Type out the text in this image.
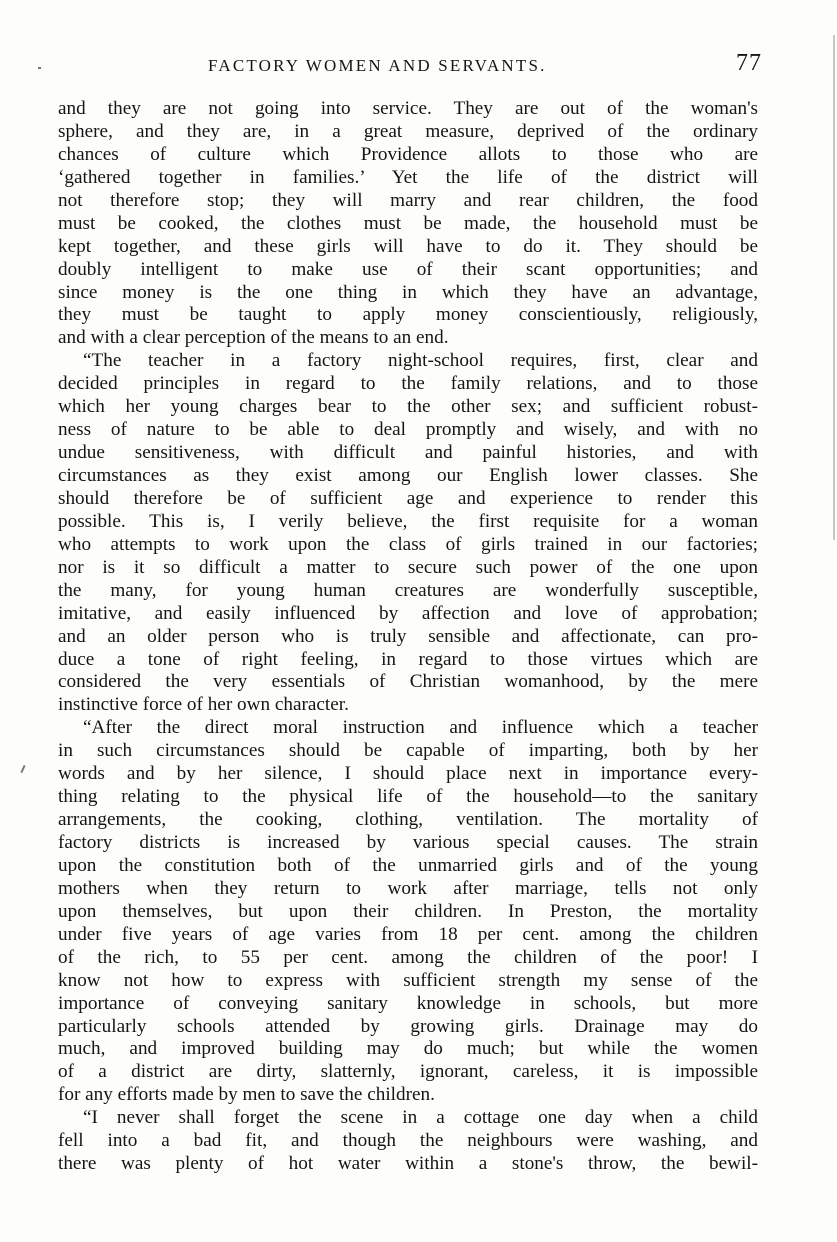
FACTORY WOMEN AND SERVANTS.	77
and they are not going into service. They are out of the woman's
sphere, and they are, in a great measure, deprived of the ordinary
chances of culture which Providence allots to those who are
‘gathered together in families.’ Yet the life of the district will
not therefore stop; they will marry and rear children, the food
must be cooked, the clothes must be made, the household must be
kept together, and these girls will have to do it. They should be
doubly intelligent to make use of their scant opportunities; and
since money is the one thing in which they have an advantage,
they must be taught to apply money conscientiously, religiously,
and with a clear perception of the means to an end.
“The teacher in a factory night-school requires, first, clear and
decided principles in regard to the family relations, and to those
which her young charges bear to the other sex; and sufficient robust-
ness of nature to be able to deal promptly and wisely, and with no
undue sensitiveness, with difficult and painful histories, and with
circumstances as they exist among our English lower classes. She
should therefore be of sufficient age and experience to render this
possible. This is, I verily believe, the first requisite for a woman
who attempts to work upon the class of girls trained in our factories;
nor is it so difficult a matter to secure such power of the one upon
the many, for young human creatures are wonderfully susceptible,
imitative, and easily influenced by affection and love of approbation;
and an older person who is truly sensible and affectionate, can pro-
duce a tone of right feeling, in regard to those virtues which are
considered the very essentials of Christian womanhood, by the mere
instinctive force of her own character.
“After the direct moral instruction and influence which a teacher
in such circumstances should be capable of imparting, both by her
words and by her silence, I should place next in importance every-
thing relating to the physical life of the household—to the sanitary
arrangements, the cooking, clothing, ventilation. The mortality of
factory districts is increased by various special causes. The strain
upon the constitution both of the unmarried girls and of the young
mothers when they return to work after marriage, tells not only
upon themselves, but upon their children. In Preston, the mortality
under five years of age varies from 18 per cent. among the children
of the rich, to 55 per cent. among the children of the poor! I
know not how to express with sufficient strength my sense of the
importance of conveying sanitary knowledge in schools, but more
particularly schools attended by growing girls. Drainage may do
much, and improved building may do much; but while the women
of a district are dirty, slatternly, ignorant, careless, it is impossible
for any efforts made by men to save the children.
“I never shall forget the scene in a cottage one day when a child
fell into a bad fit, and though the neighbours were washing, and
there was plenty of hot water within a stone's throw, the bewil-
